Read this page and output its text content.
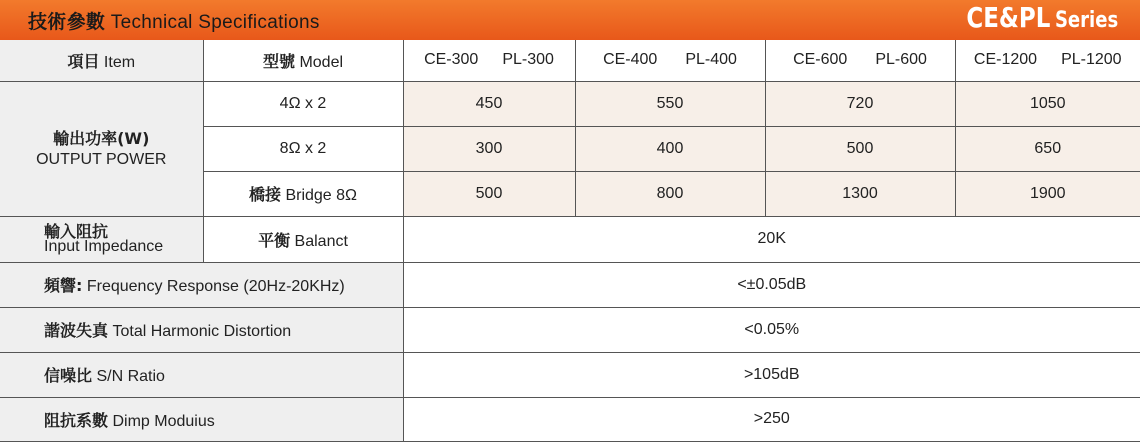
技術參數 Technical Specifications	CE&PL Series
項目 Item	型號 Model	CE-300 PL-300	CE-400 PL-400	CE-600 PL-600	CE-1200 PL-1200

輸出功率(W)
OUTPUT POWER	4Ω x 2	450	550	720	1050
	8Ω x 2	300	400	500	650
	橋接 Bridge 8Ω	500	800	1300	1900

輸入阻抗
Input Impedance	平衡 Balanct	20K			
頻響: Frequency Response (20Hz-20KHz)		<±0.05dB			
諧波失真 Total Harmonic Distortion		<0.05%			
信噪比 S/N Ratio		>105dB			
阻抗系數 Dimp Moduius		>250			
